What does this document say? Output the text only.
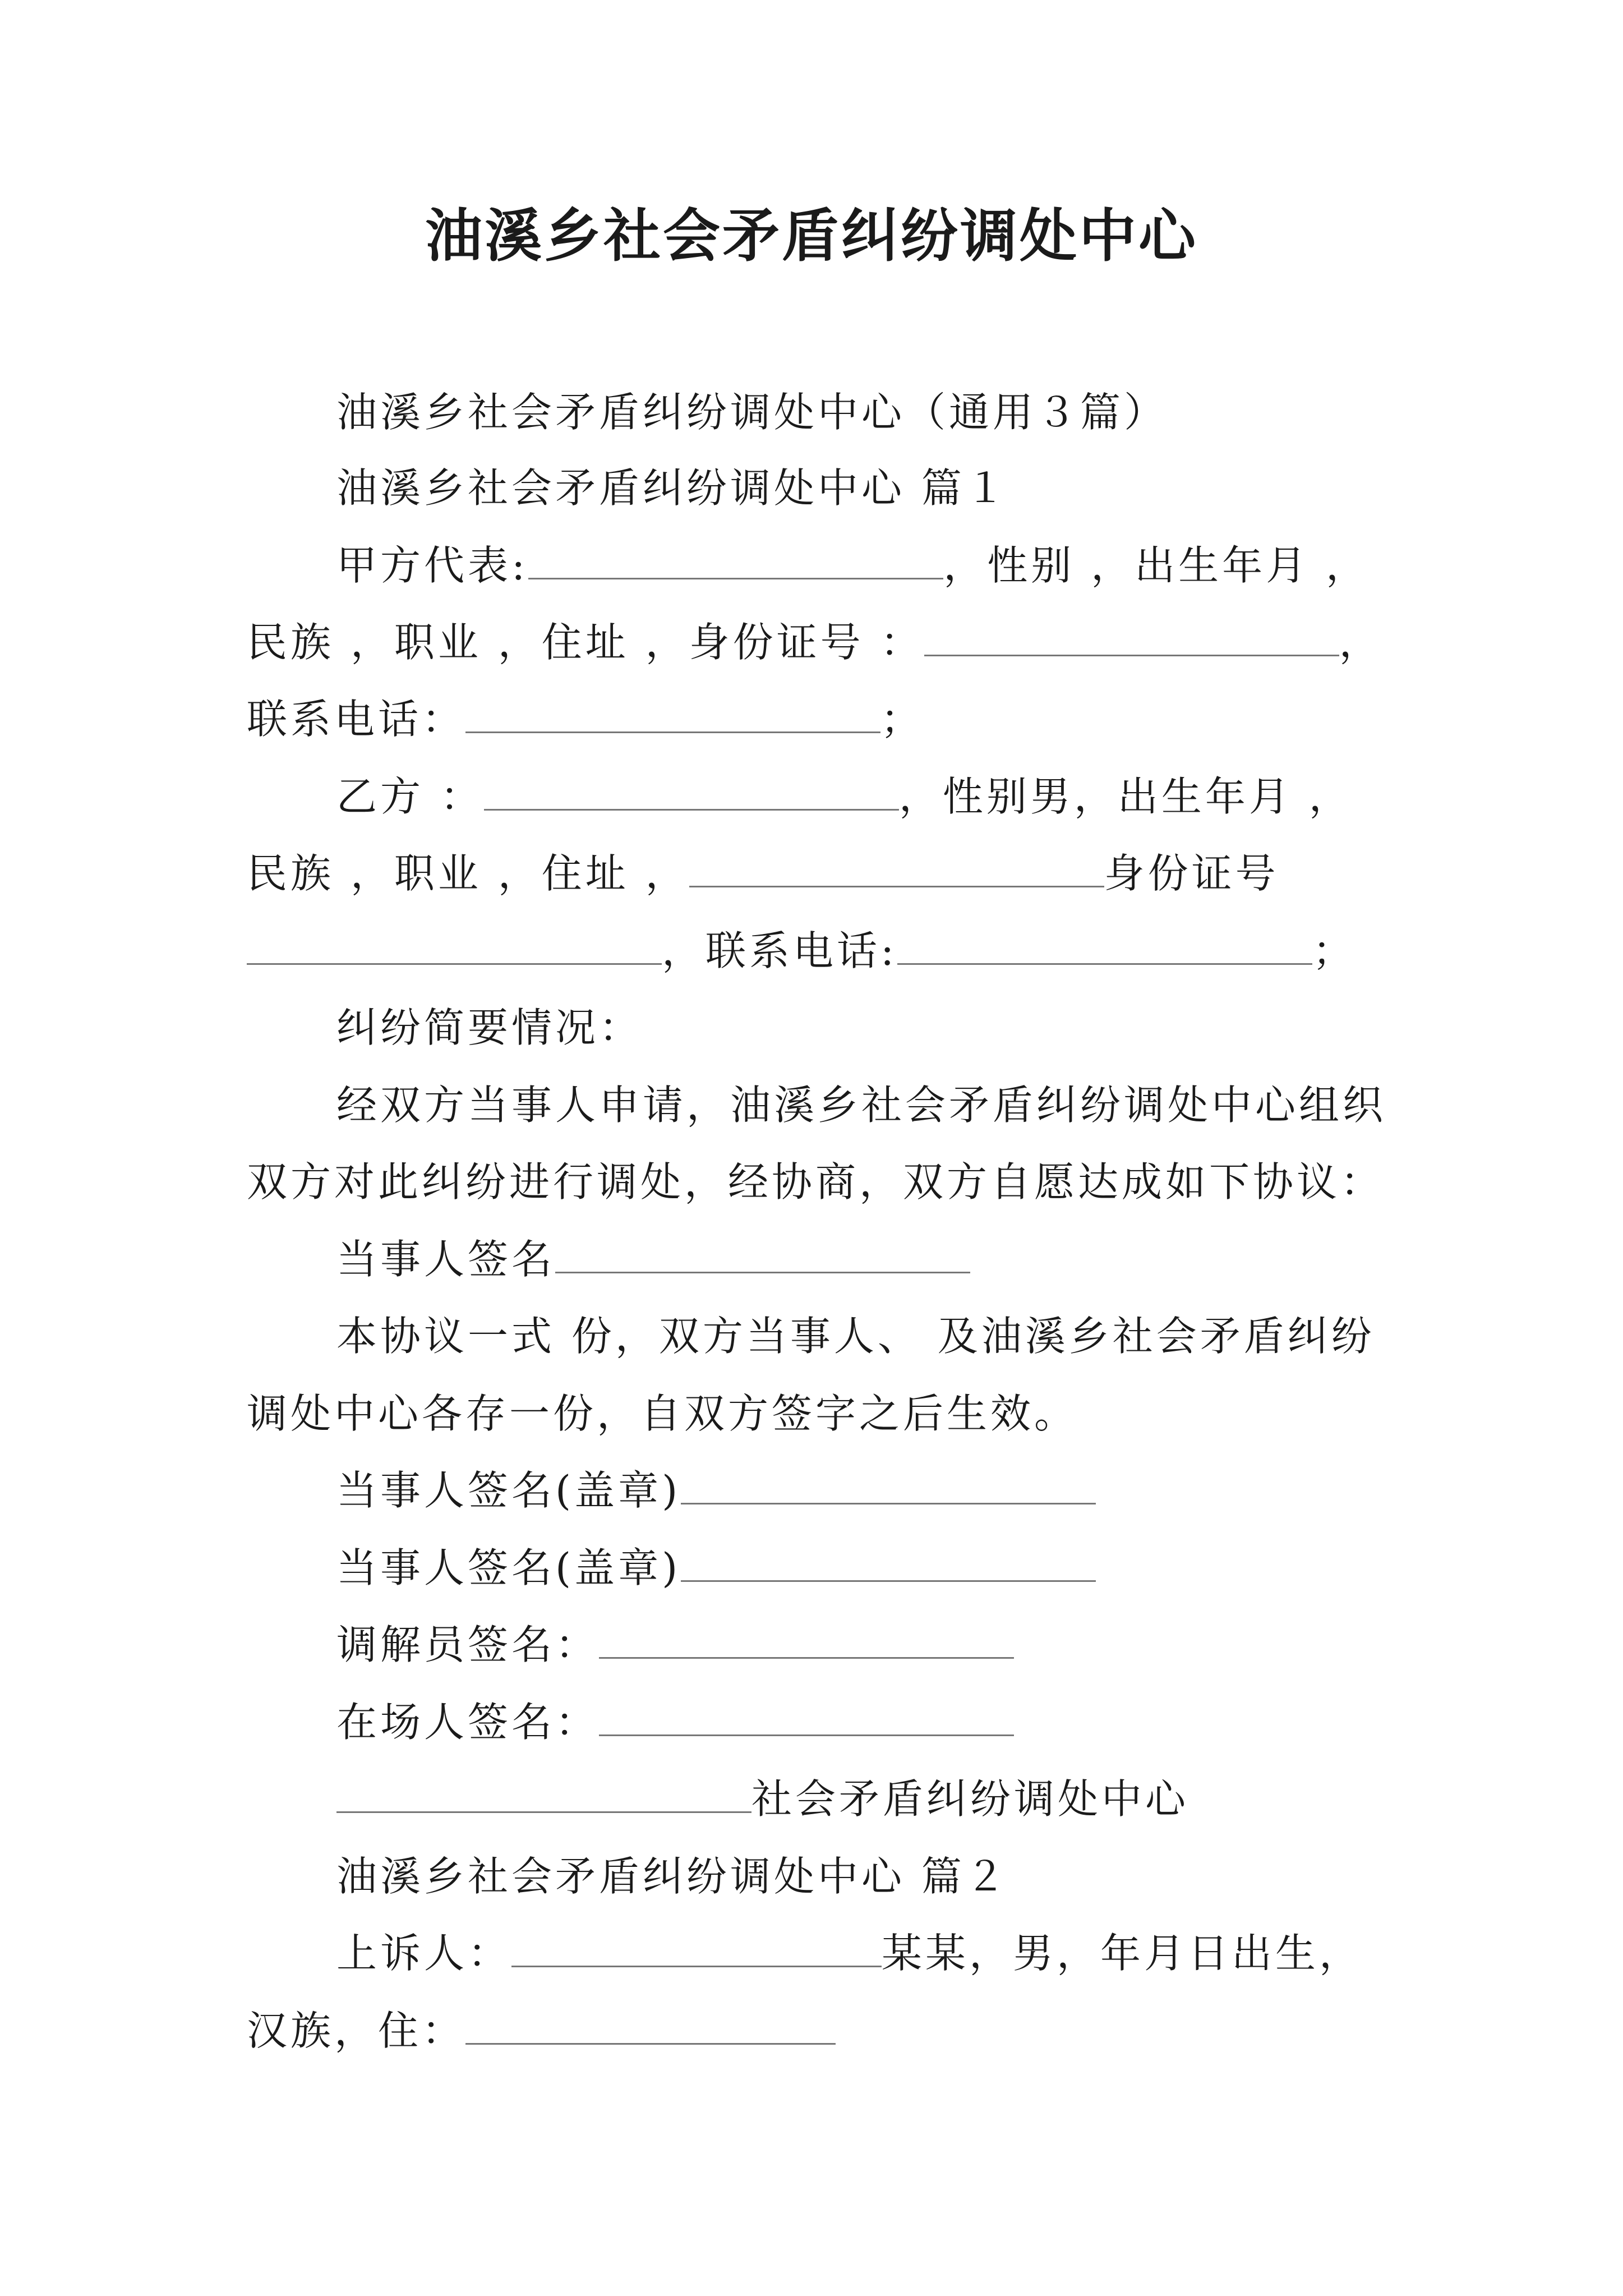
油溪乡社会矛盾纠纷调处中心
油溪乡社会矛盾纠纷调处中心（通用３篇）
油溪乡社会矛盾纠纷调处中心 篇１
甲方代表:	，性别 ，出生年月 ，
民族 ，职业 ，住址 ，身份证号 ：	，
联系电话：	；
乙方 ：	，性别男，出生年月 ，
民族 ，职业 ，住址 ，	身份证号
，联系电话:	；
纠纷简要情况：
经双方当事人申请，油溪乡社会矛盾纠纷调处中心组织
双方对此纠纷进行调处，经协商，双方自愿达成如下协议：
当事人签名
本协议一式 份，双方当事人、 及油溪乡社会矛盾纠纷
调处中心各存一份，自双方签字之后生效。
当事人签名(盖章)
当事人签名(盖章)
调解员签名：
在场人签名：
社会矛盾纠纷调处中心
油溪乡社会矛盾纠纷调处中心 篇２
上诉人：	某某，男，年月日出生，
汉族，住：
